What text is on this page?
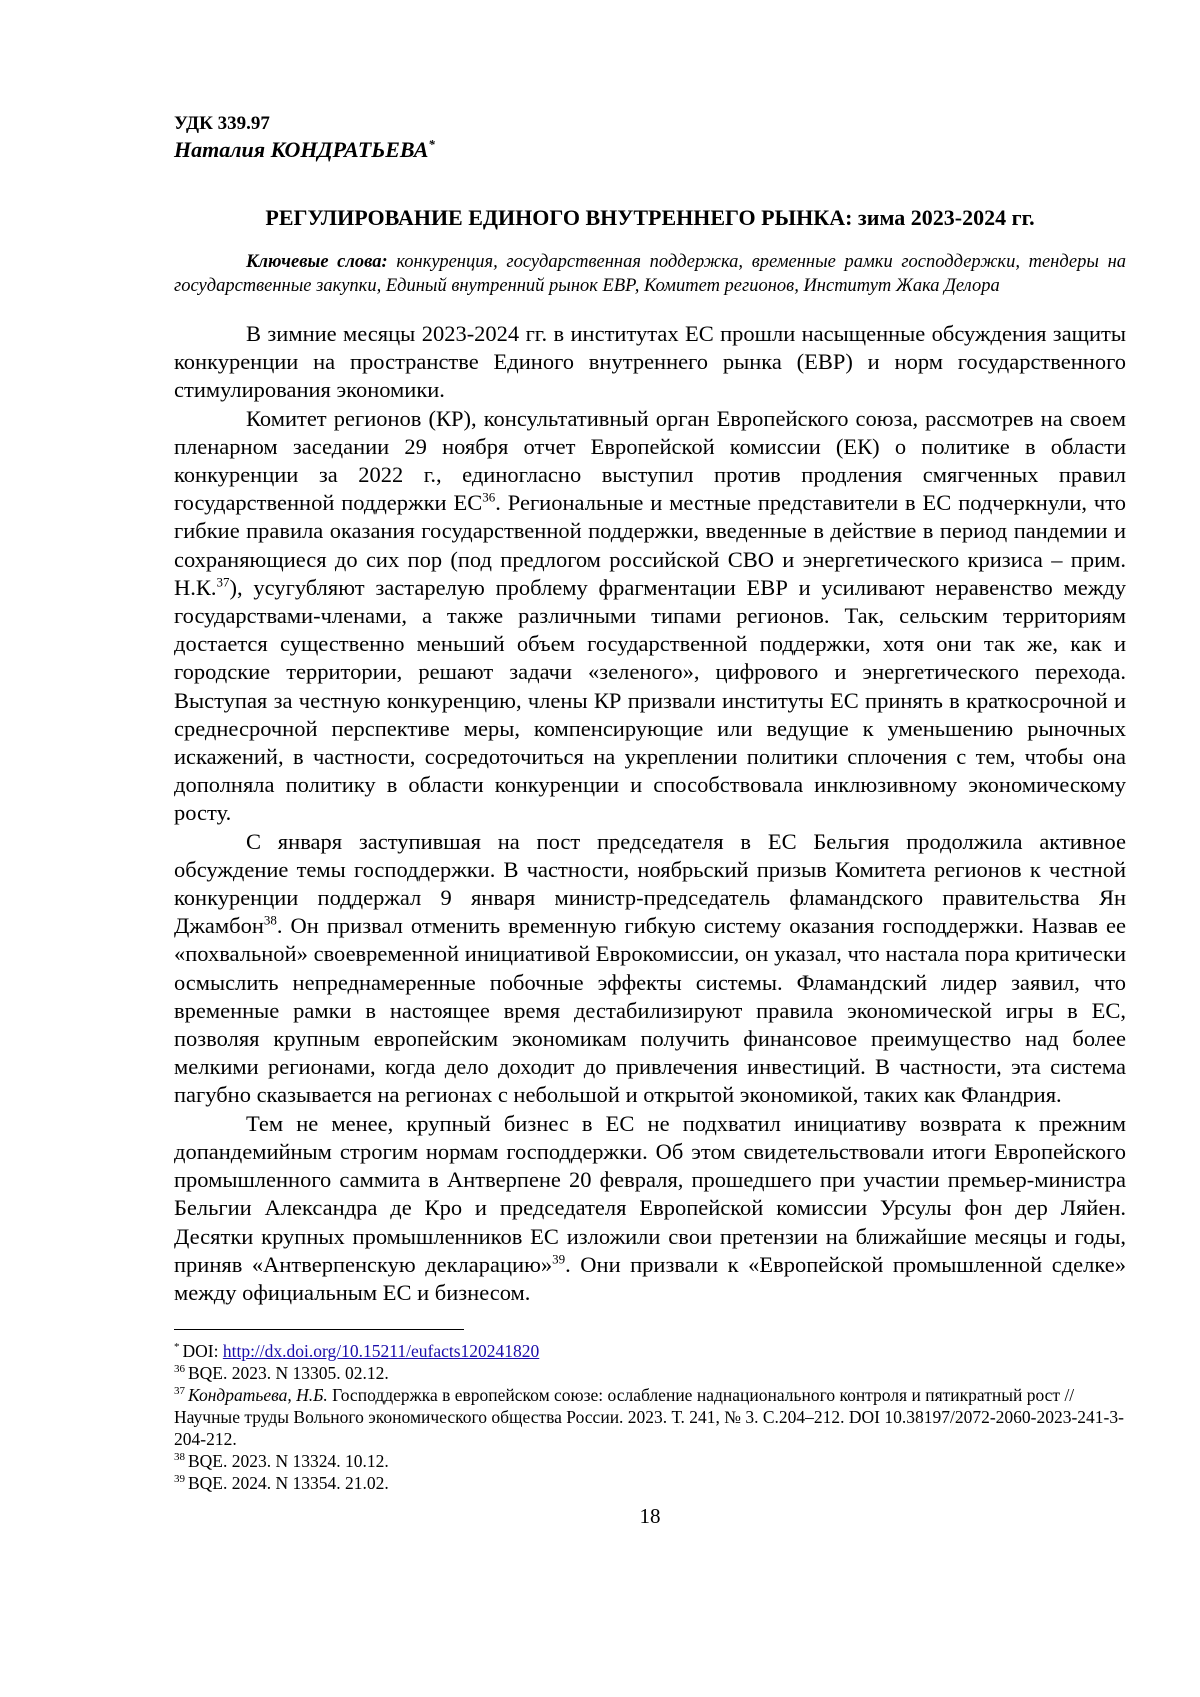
УДК 339.97

Наталия КОНДРАТЬЕВА*

РЕГУЛИРОВАНИЕ ЕДИНОГО ВНУТРЕННЕГО РЫНКА: зима 2023-2024 гг.

Ключевые слова: конкуренция, государственная поддержка, временные рамки господдержки, тендеры на государственные закупки, Единый внутренний рынок ЕВР, Комитет регионов, Институт Жака Делора

В зимние месяцы 2023-2024 гг. в институтах ЕС прошли насыщенные обсуждения защиты конкуренции на пространстве Единого внутреннего рынка (ЕВР) и норм государственного стимулирования экономики.

Комитет регионов (КР), консультативный орган Европейского союза, рассмотрев на своем пленарном заседании 29 ноября отчет Европейской комиссии (ЕК) о политике в области конкуренции за 2022 г., единогласно выступил против продления смягченных правил государственной поддержки ЕС$^{36}$. Региональные и местные представители в ЕС подчеркнули, что гибкие правила оказания государственной поддержки, введенные в действие в период пандемии и сохраняющиеся до сих пор (под предлогом российской СВО и энергетического кризиса – прим. Н.К.$^{37}$), усугубляют застарелую проблему фрагментации ЕВР и усиливают неравенство между государствами-членами, а также различными типами регионов. Так, сельским территориям достается существенно меньший объем государственной поддержки, хотя они так же, как и городские территории, решают задачи «зеленого», цифрового и энергетического перехода. Выступая за честную конкуренцию, члены КР призвали институты ЕС принять в краткосрочной и среднесрочной перспективе меры, компенсирующие или ведущие к уменьшению рыночных искажений, в частности, сосредоточиться на укреплении политики сплочения с тем, чтобы она дополняла политику в области конкуренции и способствовала инклюзивному экономическому росту.

С января заступившая на пост председателя в ЕС Бельгия продолжила активное обсуждение темы господдержки. В частности, ноябрьский призыв Комитета регионов к честной конкуренции поддержал 9 января министр-председатель фламандского правительства Ян Джамбон$^{38}$. Он призвал отменить временную гибкую систему оказания господдержки. Назвав ее «похвальной» своевременной инициативой Еврокомиссии, он указал, что настала пора критически осмыслить непреднамеренные побочные эффекты системы. Фламандский лидер заявил, что временные рамки в настоящее время дестабилизируют правила экономической игры в ЕС, позволяя крупным европейским экономикам получить финансовое преимущество над более мелкими регионами, когда дело доходит до привлечения инвестиций. В частности, эта система пагубно сказывается на регионах с небольшой и открытой экономикой, таких как Фландрия.

Тем не менее, крупный бизнес в ЕС не подхватил инициативу возврата к прежним допандемийным строгим нормам господдержки. Об этом свидетельствовали итоги Европейского промышленного саммита в Антверпене 20 февраля, прошедшего при участии премьер-министра Бельгии Александра де Кро и председателя Европейской комиссии Урсулы фон дер Ляйен. Десятки крупных промышленников ЕС изложили свои претензии на ближайшие месяцы и годы, приняв «Антверпенскую декларацию»$^{39}$. Они призвали к «Европейской промышленной сделке» между официальным ЕС и бизнесом.

* DOI: http://dx.doi.org/10.15211/eufacts120241820
$^{36}$ BQE. 2023. N 13305. 02.12.
$^{37}$ Кондратьева, Н.Б. Господдержка в европейском союзе: ослабление наднационального контроля и пятикратный рост // Научные труды Вольного экономического общества России. 2023. Т. 241, № 3. С.204–212. DOI 10.38197/2072-2060-2023-241-3-204-212.
$^{38}$ BQE. 2023. N 13324. 10.12.
$^{39}$ BQE. 2024. N 13354. 21.02.
18
